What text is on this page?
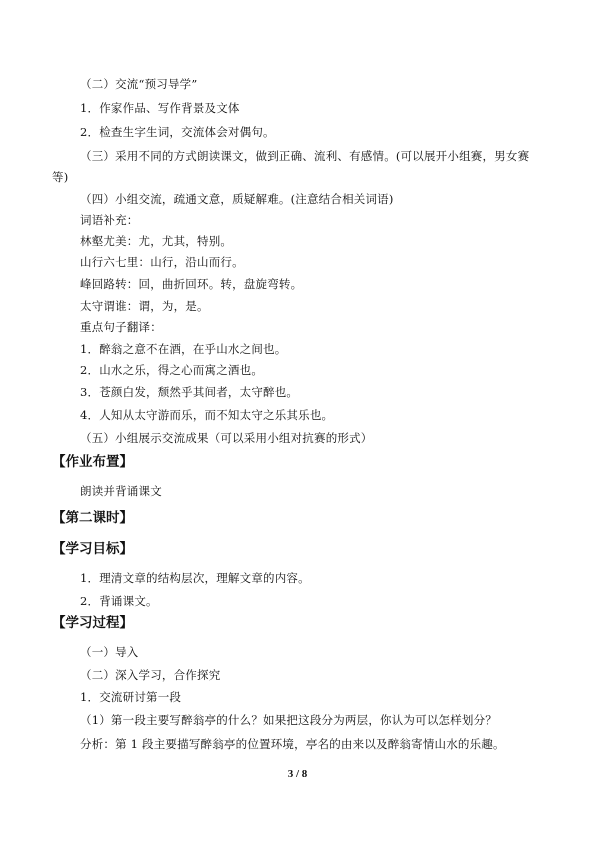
（二）交流“预习导学”
1．作家作品、写作背景及文体
2．检查生字生词，交流体会对偶句。
（三）采用不同的方式朗读课文，做到正确、流利、有感情。(可以展开小组赛，男女赛
等)
（四）小组交流，疏通文意，质疑解难。(注意结合相关词语)
词语补充：
林壑尤美：尤，尤其，特别。
山行六七里：山行，沿山而行。
峰回路转：回，曲折回环。转，盘旋弯转。
太守谓谁：谓，为，是。
重点句子翻译：
1．醉翁之意不在酒，在乎山水之间也。
2．山水之乐，得之心而寓之酒也。
3．苍颜白发，颓然乎其间者，太守醉也。
4．人知从太守游而乐，而不知太守之乐其乐也。
（五）小组展示交流成果（可以采用小组对抗赛的形式）
【作业布置】
朗读并背诵课文
【第二课时】
【学习目标】
1．理清文章的结构层次，理解文章的内容。
2．背诵课文。
【学习过程】
（一）导入
（二）深入学习，合作探究
1．交流研讨第一段
（1）第一段主要写醉翁亭的什么？如果把这段分为两层，你认为可以怎样划分？
分析：第 1 段主要描写醉翁亭的位置环境，亭名的由来以及醉翁寄情山水的乐趣。
3 / 8
